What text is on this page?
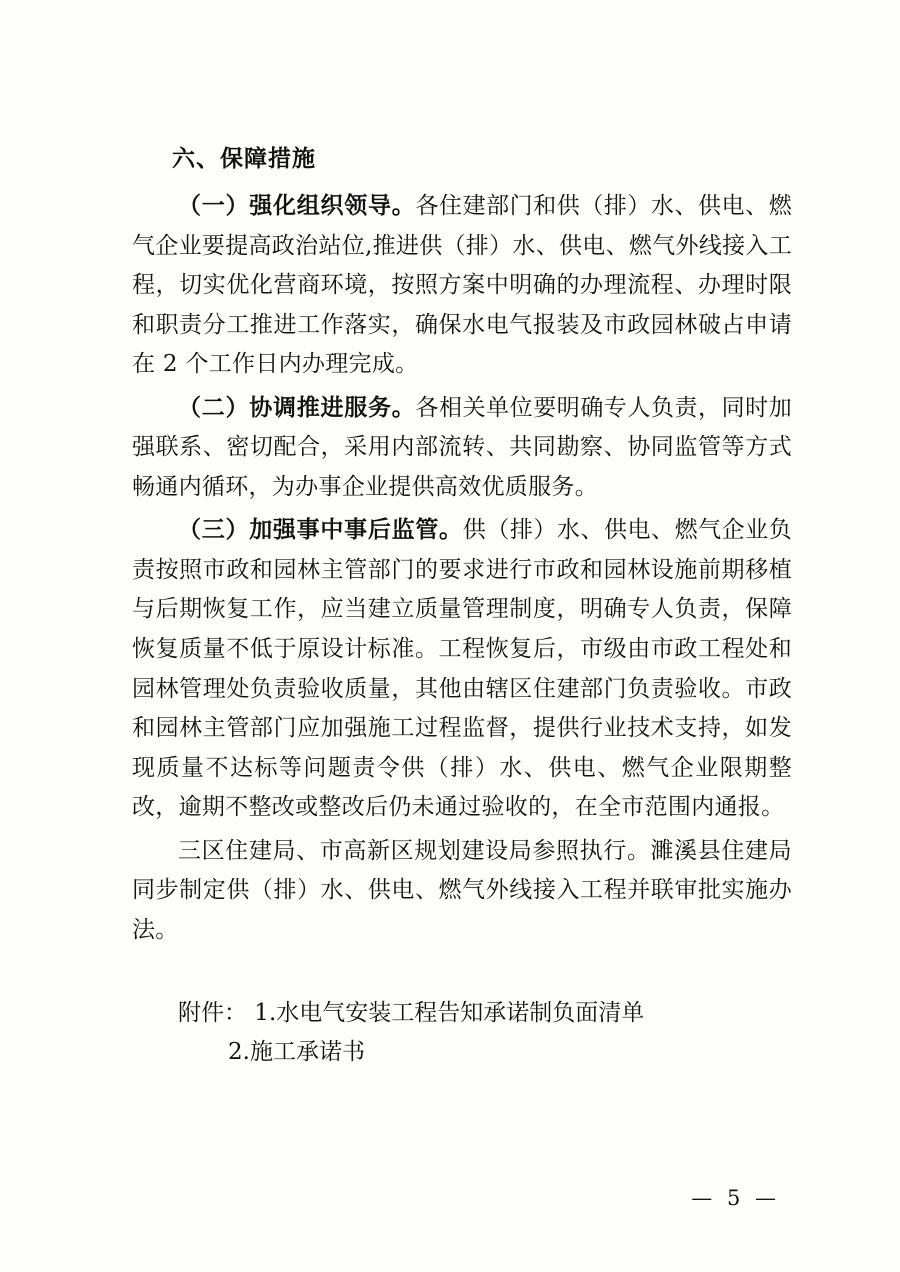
六、保障措施

（一）强化组织领导。各住建部门和供（排）水、供电、燃气企业要提高政治站位,推进供（排）水、供电、燃气外线接入工程，切实优化营商环境，按照方案中明确的办理流程、办理时限和职责分工推进工作落实，确保水电气报装及市政园林破占申请在 2 个工作日内办理完成。

（二）协调推进服务。各相关单位要明确专人负责，同时加强联系、密切配合，采用内部流转、共同勘察、协同监管等方式畅通内循环，为办事企业提供高效优质服务。

（三）加强事中事后监管。供（排）水、供电、燃气企业负责按照市政和园林主管部门的要求进行市政和园林设施前期移植与后期恢复工作，应当建立质量管理制度，明确专人负责，保障恢复质量不低于原设计标准。工程恢复后，市级由市政工程处和园林管理处负责验收质量，其他由辖区住建部门负责验收。市政和园林主管部门应加强施工过程监督，提供行业技术支持，如发现质量不达标等问题责令供（排）水、供电、燃气企业限期整改，逾期不整改或整改后仍未通过验收的，在全市范围内通报。

三区住建局、市高新区规划建设局参照执行。濉溪县住建局同步制定供（排）水、供电、燃气外线接入工程并联审批实施办法。

附件： 1.水电气安装工程告知承诺制负面清单

2.施工承诺书

— 5 —
